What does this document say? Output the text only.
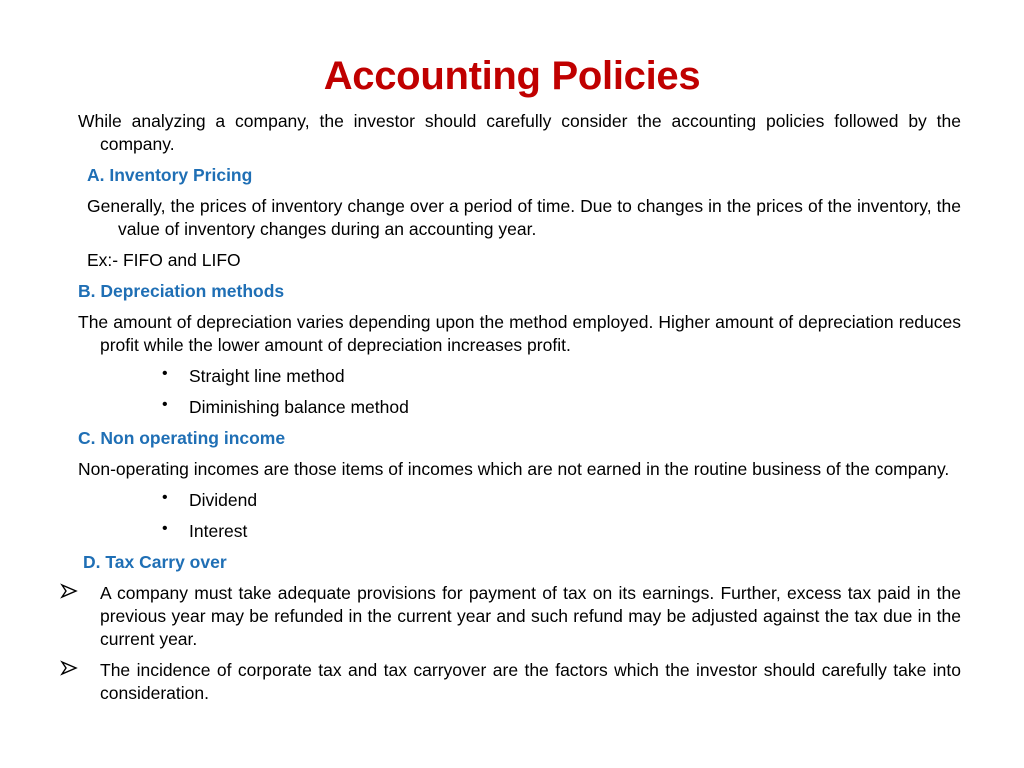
Accounting Policies
While analyzing a company, the investor should carefully consider the accounting policies followed by the company.
A. Inventory Pricing
Generally, the prices of inventory change over a period of time. Due to changes in the prices of the inventory, the value of inventory changes during an accounting year.
Ex:- FIFO and LIFO
B. Depreciation methods
The amount of depreciation varies depending upon the method employed. Higher amount of depreciation reduces profit while the lower amount of depreciation increases profit.
• Straight line method
• Diminishing balance method
C. Non operating income
Non-operating incomes are those items of incomes which are not earned in the routine business of the company.
• Dividend
• Interest
D. Tax Carry over
A company must take adequate provisions for payment of tax on its earnings. Further, excess tax paid in the previous year may be refunded in the current year and such refund may be adjusted against the tax due in the current year.
The incidence of corporate tax and tax carryover are the factors which the investor should carefully take into consideration.
